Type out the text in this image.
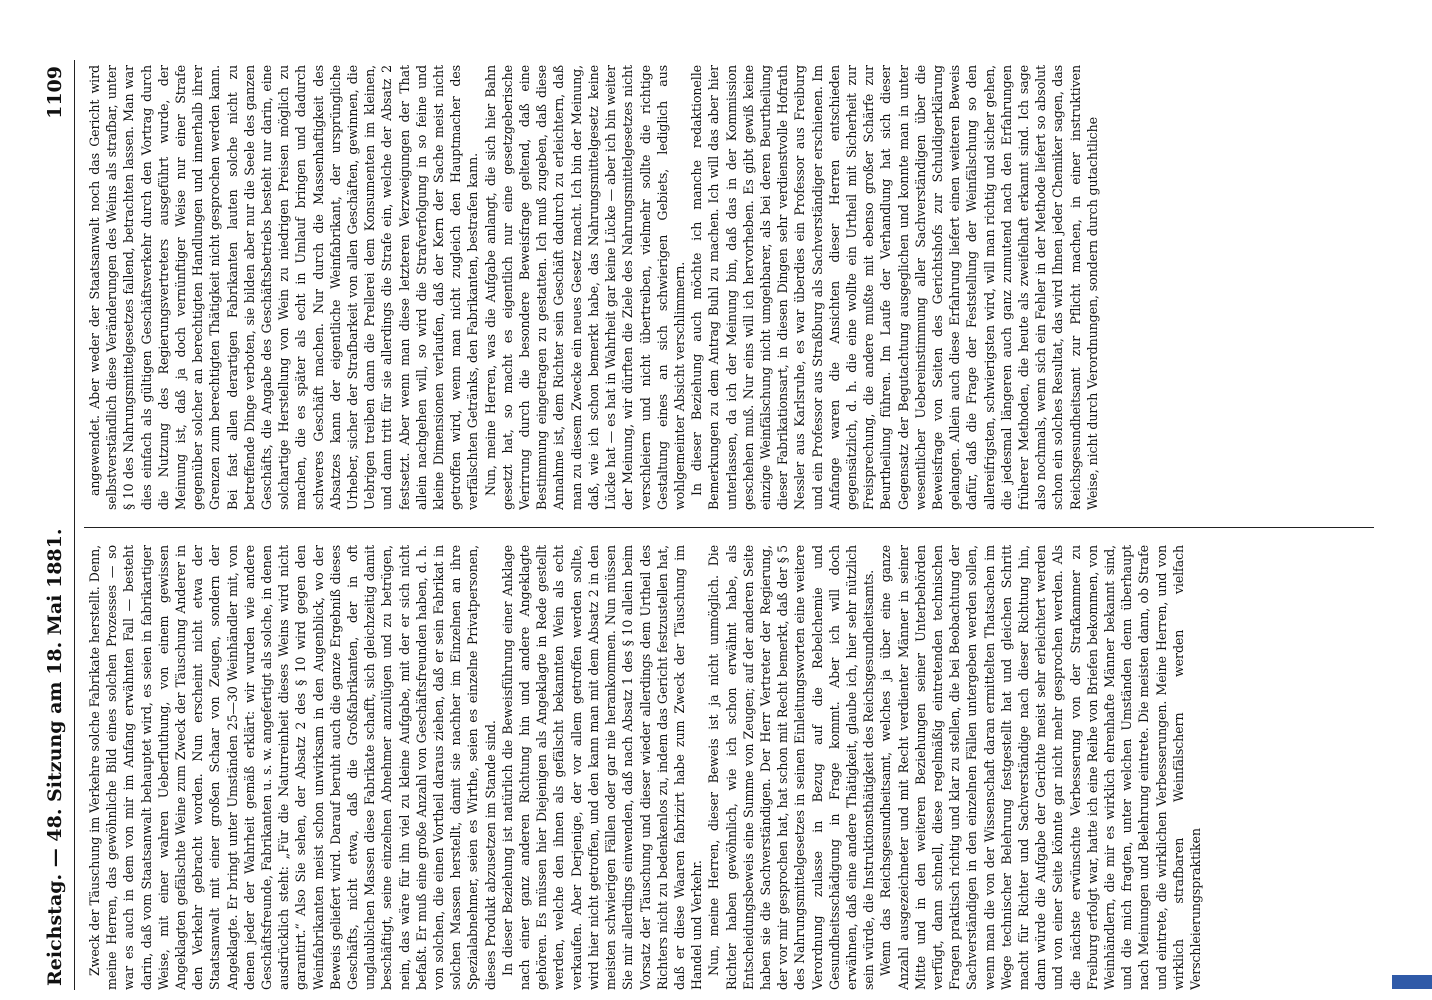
Reichstag. — 48. Sitzung am 18. Mai 1881.
1109

Zweck der Täuschung im Verkehre solche Fabrikate herstellt. Denn, meine Herren, das gewöhnliche Bild eines solchen Prozesses — so war es auch in dem von mir im Anfang erwähnten Fall — besteht darin, daß vom Staatsanwalt behauptet wird, es seien in fabrikartiger Weise, mit einer wahren Ueberfluthung, von einem gewissen Angeklagten gefälschte Weine zum Zweck der Täuschung Anderer in den Verkehr gebracht worden. Nun erscheint nicht etwa der Staatsanwalt mit einer großen Schaar von Zeugen, sondern der Angeklagte. Er bringt unter Umständen 25—30 Weinhändler mit, von denen jeder der Wahrheit gemäß erklärt: wir wurden wie andere Geschäftsfreunde, Fabrikanten u. s. w. angefertigt als solche, in denen ausdrücklich steht: „Für die Naturreinheit dieses Weins wird nicht garantirt.“ Also Sie sehen, der Absatz 2 des § 10 wird gegen den Weinfabrikanten meist schon unwirksam in den Augenblick, wo der Beweis geliefert wird. Darauf beruht auch die ganze Ergebniß dieses Geschäfts, nicht etwa, daß die Großfabrikanten, der in oft unglaublichen Massen diese Fabrikate schafft, sich gleichzeitig damit beschäftigt, seine einzelnen Abnehmer anzulügen und zu betrügen, nein, das wäre für ihn viel zu kleine Aufgabe, mit der er sich nicht befaßt. Er muß eine große Anzahl von Geschäftsfreunden haben, d. h. von solchen, die einen Vortheil daraus ziehen, daß er sein Fabrikat in solchen Massen herstellt, damit sie nachher im Einzelnen an ihre Spezialabnehmer, seien es Wirthe, seien es einzelne Privatpersonen, dieses Produkt abzusetzen im Stande sind. In dieser Beziehung ist natürlich die Beweisführung einer Anklage nach einer ganz anderen Richtung hin und andere Angeklagte gehören. Es müssen hier Diejenigen als Angeklagte in Rede gestellt werden, welche den ihnen als gefälscht bekannten Wein als echt verkaufen. Aber Derjenige, der vor allem getroffen werden sollte, wird hier nicht getroffen, und den kann man mit dem Absatz 2 in den meisten schwierigen Fällen oder gar nie herankommen. Nun müssen Sie mir allerdings einwenden, daß nach Absatz 1 des § 10 allein beim Vorsatz der Täuschung und dieser wieder allerdings dem Urtheil des Richters nicht zu bedenkenlos zu, indem das Gericht festzustellen hat, daß er diese Waaren fabrizirt habe zum Zweck der Täuschung im Handel und Verkehr. Nun, meine Herren, dieser Beweis ist ja nicht unmöglich. Die Richter haben gewöhnlich, wie ich schon erwähnt habe, als Entscheidungsbeweis eine Summe von Zeugen; auf der anderen Seite haben sie die Sachverständigen. Der Herr Vertreter der Regierung, der vor mir gesprochen hat, hat schon mit Recht bemerkt, daß der § 5 des Nahrungsmittelgesetzes in seinen Einleitungsworten eine weitere Verordnung zulasse in Bezug auf die Rebelchemie und Gesundheitsschädigung in Frage kommt. Aber ich will doch erwähnen, daß eine andere Thätigkeit, glaube ich, hier sehr nützlich sein würde, die Instruktionsthätigkeit des Reichsgesundheitsamts. Wenn das Reichsgesundheitsamt, welches ja über eine ganze Anzahl ausgezeichneter und mit Recht verdienter Männer in seiner Mitte und in den weiteren Beziehungen seiner Unterbehörden verfügt, dann schnell, diese regelmäßig eintretenden technischen Fragen praktisch richtig und klar zu stellen, die bei Beobachtung der Sachverständigen in den einzelnen Fällen untergeben werden sollen, wenn man die von der Wissenschaft daran ermittelten Thatsachen im Wege technischer Belehrung festgestellt hat und gleichen Schritt macht für Richter und Sachverständige nach dieser Richtung hin, dann würde die Aufgabe der Gerichte meist sehr erleichtert werden und von einer Seite könnte gar nicht mehr gesprochen werden. Als die nächste erwünschte Verbesserung von der Strafkammer zu Freiburg erfolgt war, hatte ich eine Reihe von Briefen bekommen, von Weinhändlern, die mir es wirklich ehrenhafte Männer bekannt sind, und die mich fragten, unter welchen Umständen denn überhaupt nach Meinungen und Belehrung eintrete. Die meisten dann, ob Strafe und eintrete, die wirklichen Verbesserungen. Meine Herren, und von wirklich strafbaren Weinfälschern werden vielfach Verschleierungspraktiken

angewendet. Aber weder der Staatsanwalt noch das Gericht wird selbstverständlich diese Veränderungen des Weins als strafbar, unter § 10 des Nahrungsmittelgesetzes fallend, betrachten lassen. Man war dies einfach als gültigen Geschäftsverkehr durch den Vortrag durch die Nutzung des Regierungsvertreters ausgeführt wurde, der Meinung ist, daß ja doch vernünftiger Weise nur einer Strafe gegenüber solcher an berechtigten Handlungen und innerhalb ihrer Grenzen zum berechtigten Thätigkeit nicht gesprochen werden kann. Bei fast allen derartigen Fabrikanten lauten solche nicht zu betreffende Dinge verboten, sie bilden aber nur die Seele des ganzen Geschäfts, die Angabe des Geschäftsbetriebs besteht nur darin, eine solchartige Herstellung von Wein zu niedrigen Preisen möglich zu machen, die es später als echt in Umlauf bringen und dadurch schweres Geschäft machen. Nur durch die Massenhaftigkeit des Absatzes kann der eigentliche Weinfabrikant, der ursprüngliche Urheber, sicher der Strafbarkeit von allen Geschäften, gewinnen, die Uebrigen treiben dann die Prellerei dem Konsumenten im kleinen, und dann tritt für sie allerdings die Strafe ein, welche der Absatz 2 festsetzt. Aber wenn man diese letzteren Verzweigungen der That allein nachgehen will, so wird die Strafverfolgung in so feine und kleine Dimensionen verlaufen, daß der Kern der Sache meist nicht getroffen wird, wenn man nicht zugleich den Hauptmacher des verfälschten Getränks, den Fabrikanten, bestrafen kann. Nun, meine Herren, was die Aufgabe anlangt, die sich hier Bahn gesetzt hat, so macht es eigentlich nur eine gesetzgeberische Verirrung durch die besondere Beweisfrage geltend, daß eine Bestimmung eingetragen zu gestatten. Ich muß zugeben, daß diese Annahme ist, dem Richter sein Geschäft dadurch zu erleichtern, daß man zu diesem Zwecke ein neues Gesetz macht. Ich bin der Meinung, daß, wie ich schon bemerkt habe, das Nahrungsmittelgesetz keine Lücke hat — es hat in Wahrheit gar keine Lücke — aber ich bin weiter der Meinung, wir dürften die Ziele des Nahrungsmittelgesetzes nicht verschleiern und nicht übertreiben, vielmehr sollte die richtige Gestaltung eines an sich schwierigen Gebiets, lediglich aus wohlgemeinter Absicht verschlimmern. In dieser Beziehung auch möchte ich manche redaktionelle Bemerkungen zu dem Antrag Buhl zu machen. Ich will das aber hier unterlassen, da ich der Meinung bin, daß das in der Kommission geschehen muß. Nur eins will ich hervorheben. Es gibt gewiß keine einzige Weinfälschung nicht umgehbarer, als bei deren Beurtheilung dieser Fabrikationsart, in diesen Dingen sehr verdienstvolle Hofrath Nessler aus Karlsruhe, es war überdies ein Professor aus Freiburg und ein Professor aus Straßburg als Sachverständiger erschienen. Im Anfange waren die Ansichten dieser Herren entschieden gegensätzlich, d. h. die eine wollte ein Urtheil mit Sicherheit zur Freisprechung, die andere mußte mit ebenso großer Schärfe zur Beurtheilung führen. Im Laufe der Verhandlung hat sich dieser Gegensatz der Begutachtung ausgeglichen und konnte man in unter wesentlicher Uebereinstimmung aller Sachverständigen über die Beweisfrage von Seiten des Gerichtshofs zur Schuldigerklärung gelangen. Allein auch diese Erfahrung liefert einen weiteren Beweis dafür, daß die Frage der Feststellung der Weinfälschung so den allereifrigsten, schwierigsten wird, will man richtig und sicher gehen, die jedesmal längeren auch ganz zumutend nach den Erfahrungen früherer Methoden, die heute als zweifelhaft erkannt sind. Ich sage also nochmals, wenn sich ein Fehler in der Methode liefert so absolut schon ein solches Resultat, das wird Ihnen jeder Chemiker sagen, das Reichsgesundheitsamt zur Pflicht machen, in einer instruktiven Weise, nicht durch Verordnungen, sondern durch gutachtliche
